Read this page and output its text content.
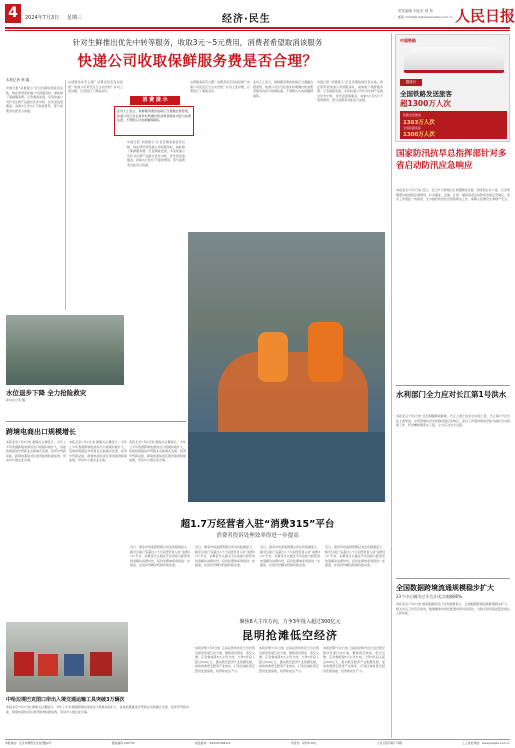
4	2024年7月3日 星期三	经济·民生
责任编辑 刘亚京 林 郑
邮箱 rmrbjjshzx@peopledaily.com.cn 人民日报
针对生鲜推出优先中转等服务，收取3元～5元费用，消费者希望取消该服务
快递公司收取保鲜服务费是否合理？
本报记者 韩 鑫
中国日报“消费提示”栏目近期收到读者反映，称在使用某快递公司的服务时，被收取了保鲜服务费。记者调查发现，多家快递公司针对生鲜产品推出优先中转、优先派送等服务，收取3元至5元不等的费用，部分消费者对此表示质疑。
这项服务是否合理？消费者是否有权拒绝？快递公司是否应当主动告知？针对上述问题，记者进行了调查采访。
消 费 提 示
业内人士表示，保鲜服务费的收取应当遵循自愿原则，快递公司应当在寄件时明确告知消费者服务内容与收费标准，不得默认勾选或捆绑销售。
中国日报“消费提示”栏目近期收到读者反映，称在使用某快递公司的服务时，被收取了保鲜服务费。记者调查发现，多家快递公司针对生鲜产品推出优先中转、优先派送等服务，收取3元至5元不等的费用，部分消费者对此表示质疑。
这项服务是否合理？消费者是否有权拒绝？快递公司是否应当主动告知？针对上述问题，记者进行了调查采访。
业内人士表示，保鲜服务费的收取应当遵循自愿原则，快递公司应当在寄件时明确告知消费者服务内容与收费标准，不得默认勾选或捆绑销售。
中国日报“消费提示”栏目近期收到读者反映，称在使用某快递公司的服务时，被收取了保鲜服务费。记者调查发现，多家快递公司针对生鲜产品推出优先中转、优先派送等服务，收取3元至5元不等的费用，部分消费者对此表示质疑。
水位退步下降 全力抢险救灾
新华社记者 摄
跨境电商出口规模增长
本报北京7月2日电 据海关总署统计，今年上半年我国跨境电商进出口规模持续扩大，各地积极推进外贸新业态新模式发展，培育外贸新动能，跨境电商综试区建设取得积极成效，带动中小微企业出海。
本报北京7月2日电 据海关总署统计，今年上半年我国跨境电商进出口规模持续扩大，各地积极推进外贸新业态新模式发展，培育外贸新动能，跨境电商综试区建设取得积极成效，带动中小微企业出海。
本报北京7月2日电 据海关总署统计，今年上半年我国跨境电商进出口规模持续扩大，各地积极推进外贸新业态新模式发展，培育外贸新动能，跨境电商综试区建设取得积极成效，带动中小微企业出海。
超1.7万经营者入驻“消费315”平台
消费者投诉处理效率得进一步提高
近日，国家市场监督管理总局发布数据显示，截至目前已有超过1.7万家经营者入驻“消费315”平台，消费者可以通过平台直接与经营者协商解决消费纠纷，投诉处理效率得到进一步提高，在线纠纷解决机制持续完善。
近日，国家市场监督管理总局发布数据显示，截至目前已有超过1.7万家经营者入驻“消费315”平台，消费者可以通过平台直接与经营者协商解决消费纠纷，投诉处理效率得到进一步提高，在线纠纷解决机制持续完善。
近日，国家市场监督管理总局发布数据显示，截至目前已有超过1.7万家经营者入驻“消费315”平台，消费者可以通过平台直接与经营者协商解决消费纠纷，投诉处理效率得到进一步提高，在线纠纷解决机制持续完善。
近日，国家市场监督管理总局发布数据显示，截至目前已有超过1.7万家经营者入驻“消费315”平台，消费者可以通过平台直接与经营者协商解决消费纠纷，投诉处理效率得到进一步提高，在线纠纷解决机制持续完善。
中哈边境巴克图口岸出入境交通运输工具突破3万辆次
本报北京7月2日电 据海关总署统计，今年上半年我国跨境电商进出口规模持续扩大，各地积极推进外贸新业态新模式发展，培育外贸新动能，跨境电商综试区建设取得积极成效，带动中小微企业出海。
聚焦8大主攻方向，力争3年投入超过300亿元
昆明抢滩低空经济
本报昆明7月2日电 云南省昆明市近日出台低空经济发展行动方案，聚焦低空物流、低空文旅、应急救援等8大主攻方向，力争3年投入超过300亿元，推动低空经济产业集聚发展，加快构建低空经济产业体系，打造区域性低空经济发展高地，培育新质生产力。
本报昆明7月2日电 云南省昆明市近日出台低空经济发展行动方案，聚焦低空物流、低空文旅、应急救援等8大主攻方向，力争3年投入超过300亿元，推动低空经济产业集聚发展，加快构建低空经济产业体系，打造区域性低空经济发展高地，培育新质生产力。
本报昆明7月2日电 云南省昆明市近日出台低空经济发展行动方案，聚焦低空物流、低空文旅、应急救援等8大主攻方向，力争3年投入超过300亿元，推动低空经济产业集聚发展，加快构建低空经济产业体系，打造区域性低空经济发展高地，培育新质生产力。
中国铁路
据统计
全国铁路发送旅客
超1300万人次
铁路发送旅客
1363万人次
全国铁路客流
1300万人次
国家防汛抗旱总指挥部针对多省启动防汛应急响应
本报北京7月2日电 近日，长江中下游地区出现强降雨过程，国家防总办公室、应急管理部持续加强会商研判，针对湖北、安徽、江西、湖南等省启动防汛四级应急响应，派出工作组赴一线指导，全力做好防汛抗洪抢险救灾工作，保障人民群众生命财产安全。
水利部门全力应对长江第1号洪水
本报北京7月2日电 受近期强降雨影响，长江上游干流水位持续上涨，长江第1号洪水在上游形成。水利部维持洪水防御四级应急响应，派出工作组协助指导地方做好洪水防御工作，科学精细调度水工程，全力应对洪水过程。
全国数据跨境流通规模稳步扩大
23个中心城市过半合计试点规模80%
本报北京7月2日电 国家数据局近日发布数据显示，全国数据跨境流通规模稳步扩大，相关试点工作有序推进，数据要素市场化配置改革持续深化，为数字经济高质量发展注入新动能。
本报地址：北京市朝阳区金台西路2号	邮政编码 100733	电话查询：(010)65368114	零售价：每份1.50元	人民日报印刷厂印刷	工人报社网址：www.people.com.cn
